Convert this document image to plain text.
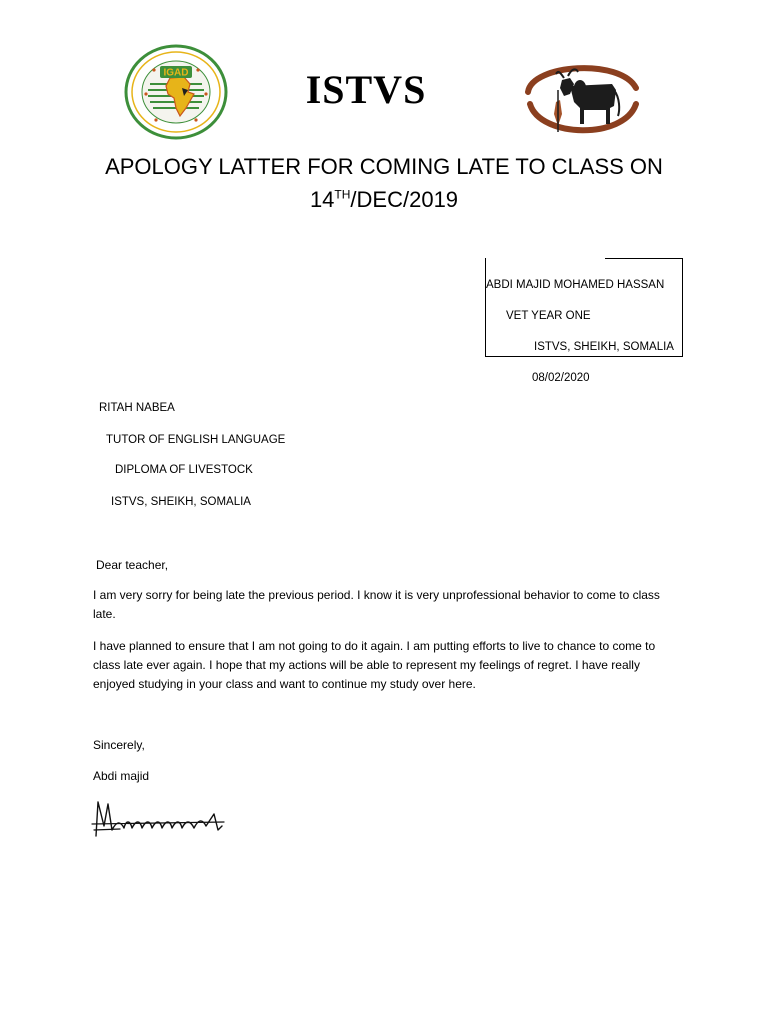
IGAD	ISTVS
APOLOGY LATTER FOR COMING LATE TO CLASS ON
14TH/DEC/2019
ABDI MAJID MOHAMED HASSAN
VET YEAR ONE
ISTVS, SHEIKH, SOMALIA
08/02/2020
RITAH NABEA
TUTOR OF ENGLISH LANGUAGE
DIPLOMA OF LIVESTOCK
ISTVS, SHEIKH, SOMALIA
Dear teacher,
I am very sorry for being late the previous period. I know it is very unprofessional behavior to come to class late.
I have planned to ensure that I am not going to do it again. I am putting efforts to live to chance to come to class late ever again. I hope that my actions will be able to represent my feelings of regret. I have really enjoyed studying in your class and want to continue my study over here.
Sincerely,
Abdi majid
